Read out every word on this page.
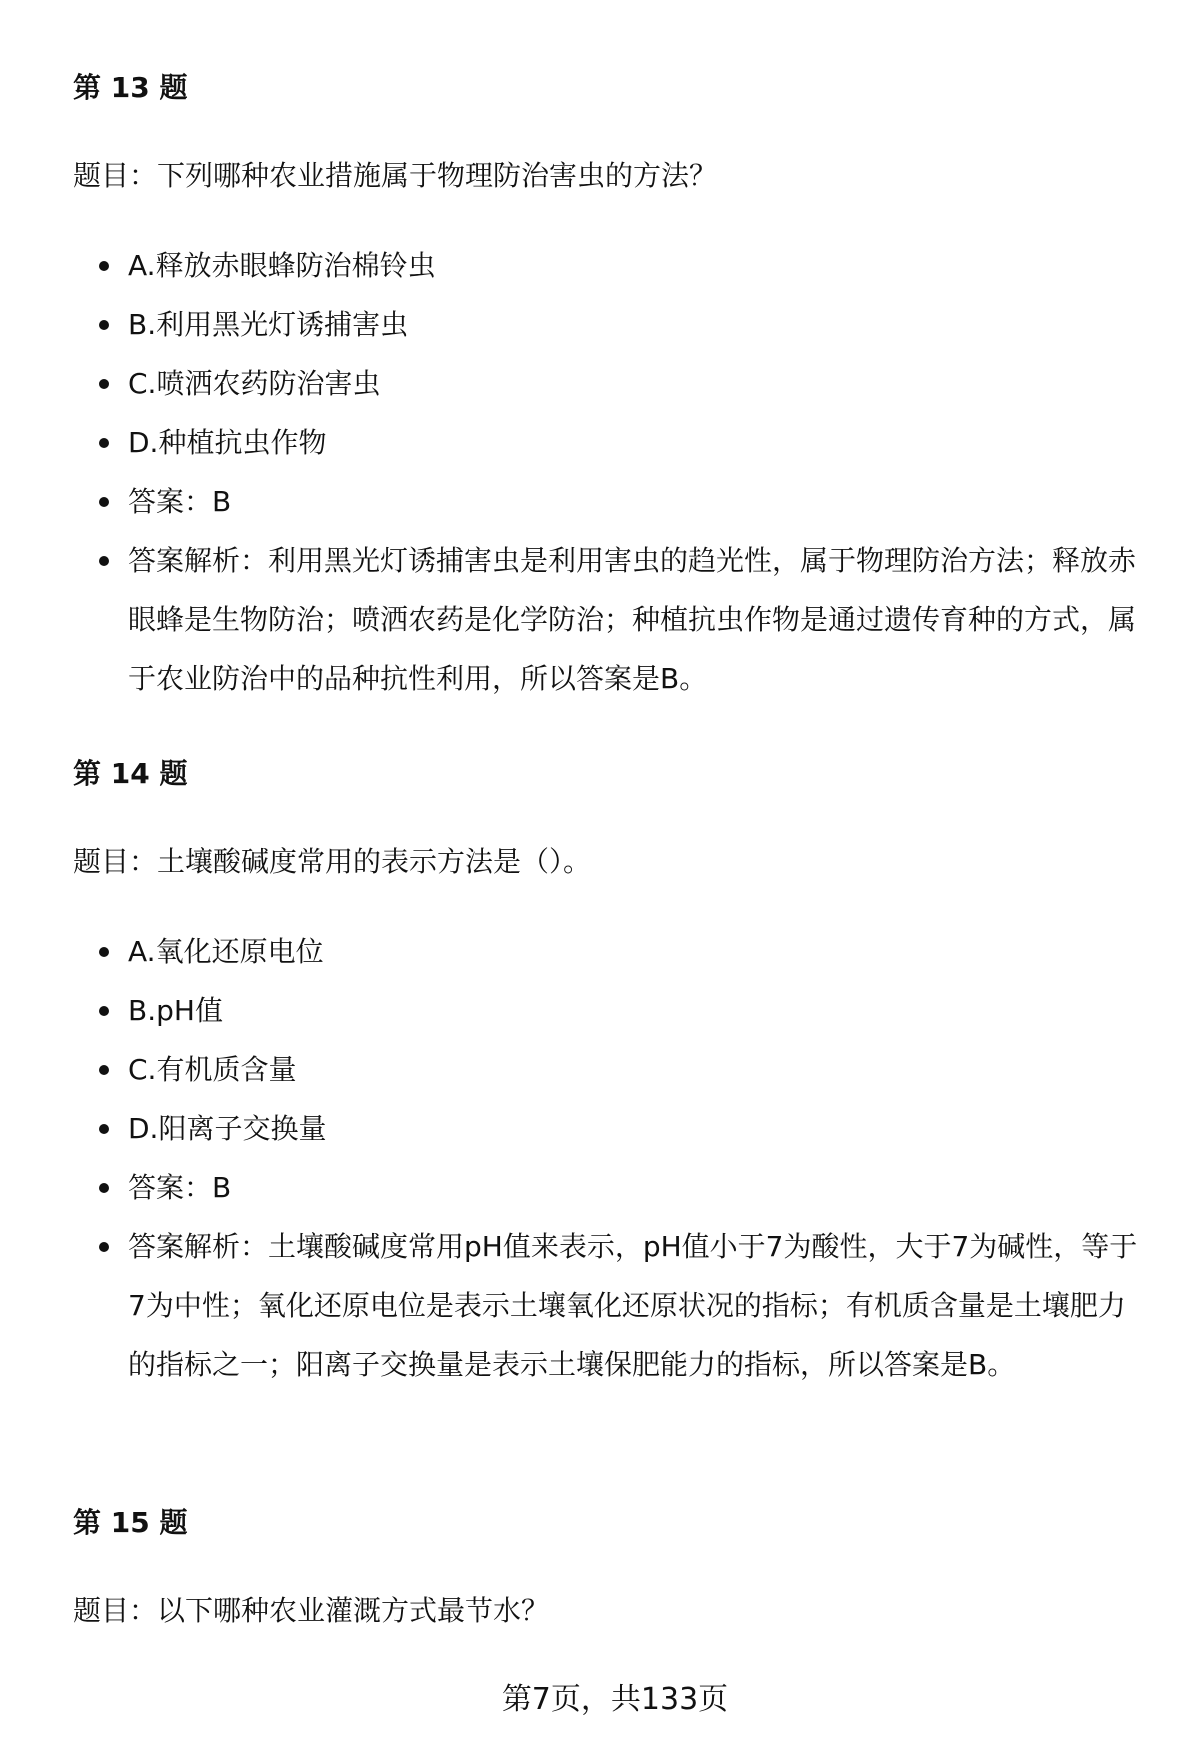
第 13 题

题目：下列哪种农业措施属于物理防治害虫的方法？

A.释放赤眼蜂防治棉铃虫
B.利用黑光灯诱捕害虫
C.喷洒农药防治害虫
D.种植抗虫作物
答案：B
答案解析：利用黑光灯诱捕害虫是利用害虫的趋光性，属于物理防治方法；释放赤眼蜂是生物防治；喷洒农药是化学防治；种植抗虫作物是通过遗传育种的方式，属于农业防治中的品种抗性利用，所以答案是B。
第 14 题

题目：土壤酸碱度常用的表示方法是（）。

A.氧化还原电位
B.pH值
C.有机质含量
D.阳离子交换量
答案：B
答案解析：土壤酸碱度常用pH值来表示，pH值小于7为酸性，大于7为碱性，等于7为中性；氧化还原电位是表示土壤氧化还原状况的指标；有机质含量是土壤肥力的指标之一；阳离子交换量是表示土壤保肥能力的指标，所以答案是B。
第 15 题

题目：以下哪种农业灌溉方式最节水？

第7页，共133页
